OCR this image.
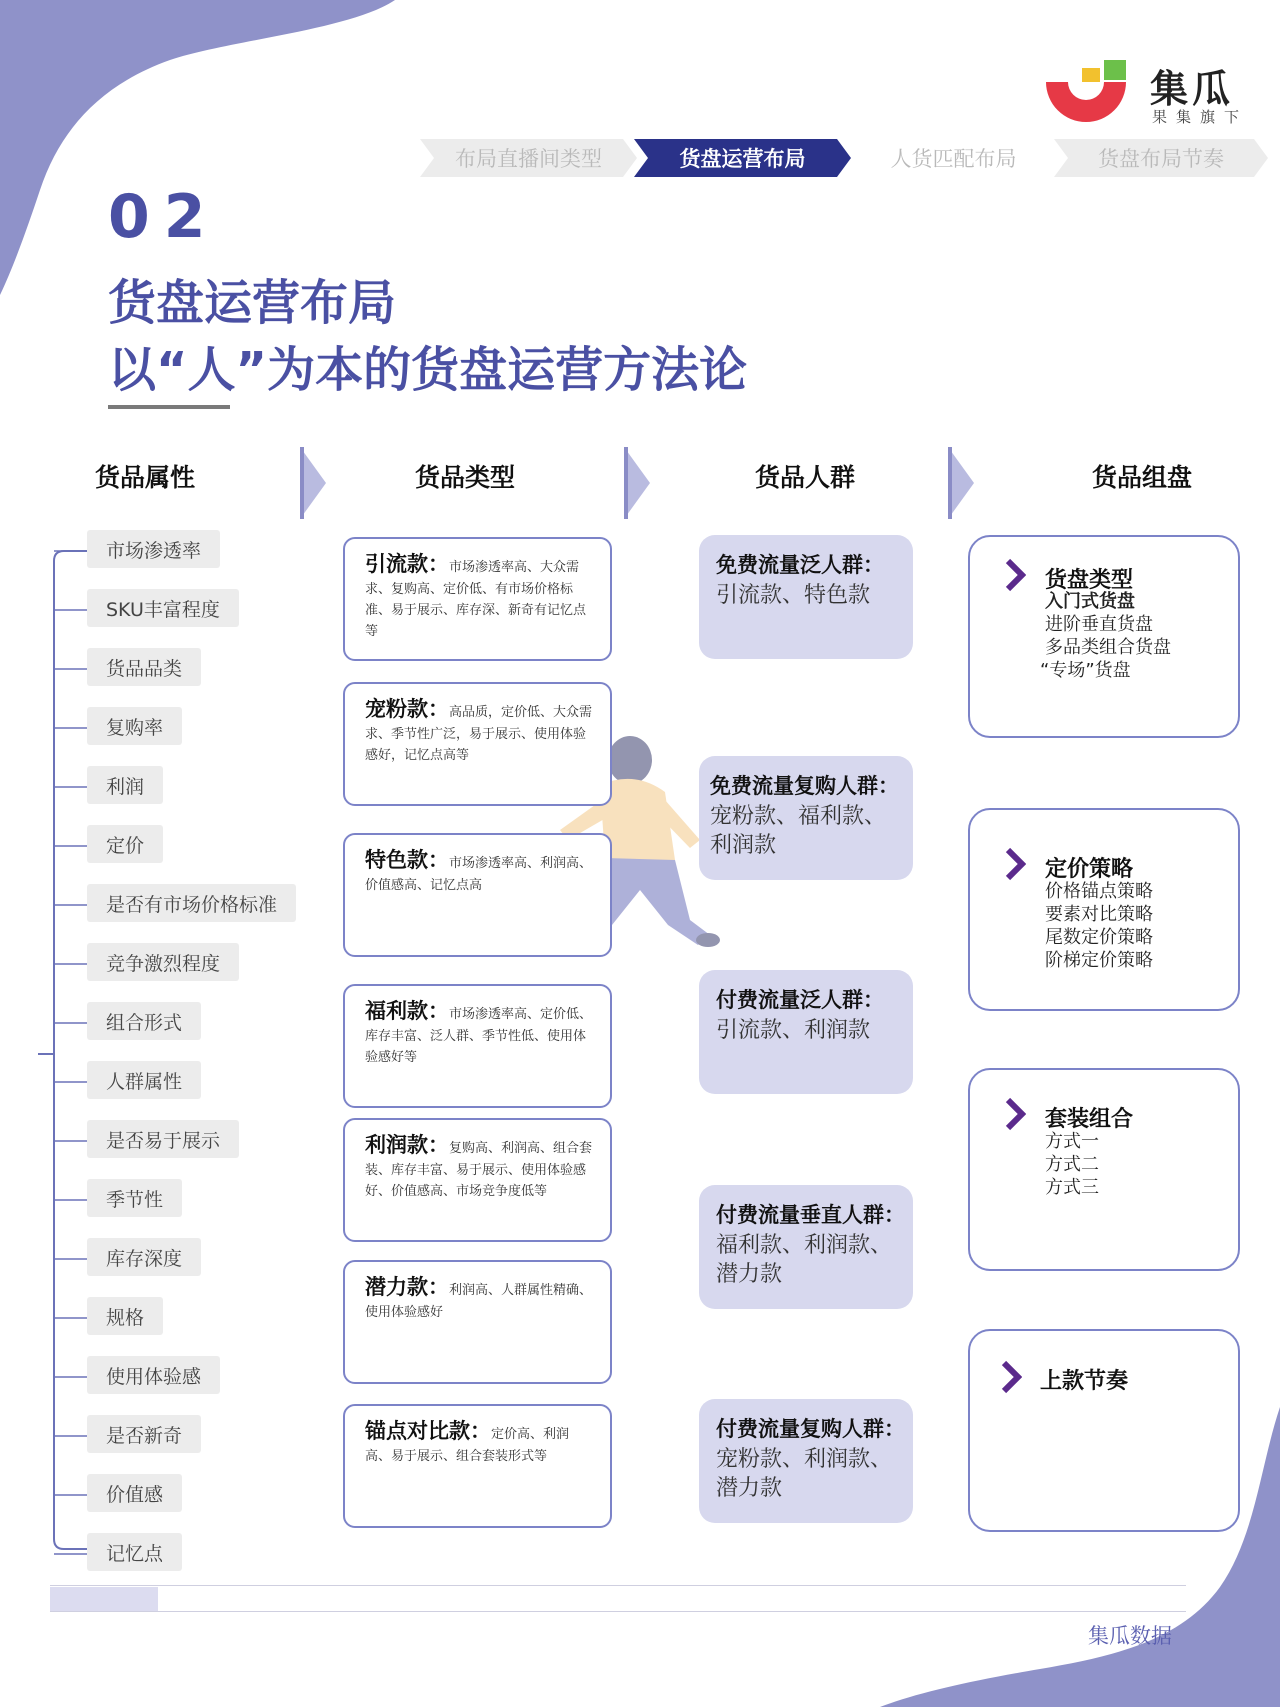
集瓜
果集旗下
布局直播间类型	货盘运营布局	人货匹配布局	货盘布局节奏
02
货盘运营布局
以“人”为本的货盘运营方法论
货品属性	货品类型	货品人群	货品组盘
市场渗透率
SKU丰富程度
货品品类
复购率
利润
定价
是否有市场价格标准
竞争激烈程度
组合形式
人群属性
是否易于展示
季节性
库存深度
规格
使用体验感
是否新奇
价值感
记忆点
引流款：市场渗透率高、大众需求、复购高、定价低、有市场价格标准、易于展示、库存深、新奇有记忆点等
宠粉款：高品质，定价低、大众需求、季节性广泛，易于展示、使用体验感好，记忆点高等
特色款：市场渗透率高、利润高、价值感高、记忆点高
福利款：市场渗透率高、定价低、库存丰富、泛人群、季节性低、使用体验感好等
利润款：复购高、利润高、组合套装、库存丰富、易于展示、使用体验感好、价值感高、市场竞争度低等
潜力款：利润高、人群属性精确、使用体验感好
锚点对比款：定价高、利润高、易于展示、组合套装形式等
免费流量泛人群：
引流款、特色款
免费流量复购人群：
宠粉款、福利款、利润款
付费流量泛人群：
引流款、利润款
付费流量垂直人群：
福利款、利润款、潜力款
付费流量复购人群：
宠粉款、利润款、潜力款
货盘类型
入门式货盘
进阶垂直货盘
多品类组合货盘
“专场”货盘
定价策略
价格锚点策略
要素对比策略
尾数定价策略
阶梯定价策略
套装组合
方式一
方式二
方式三
上款节奏
集瓜数据
